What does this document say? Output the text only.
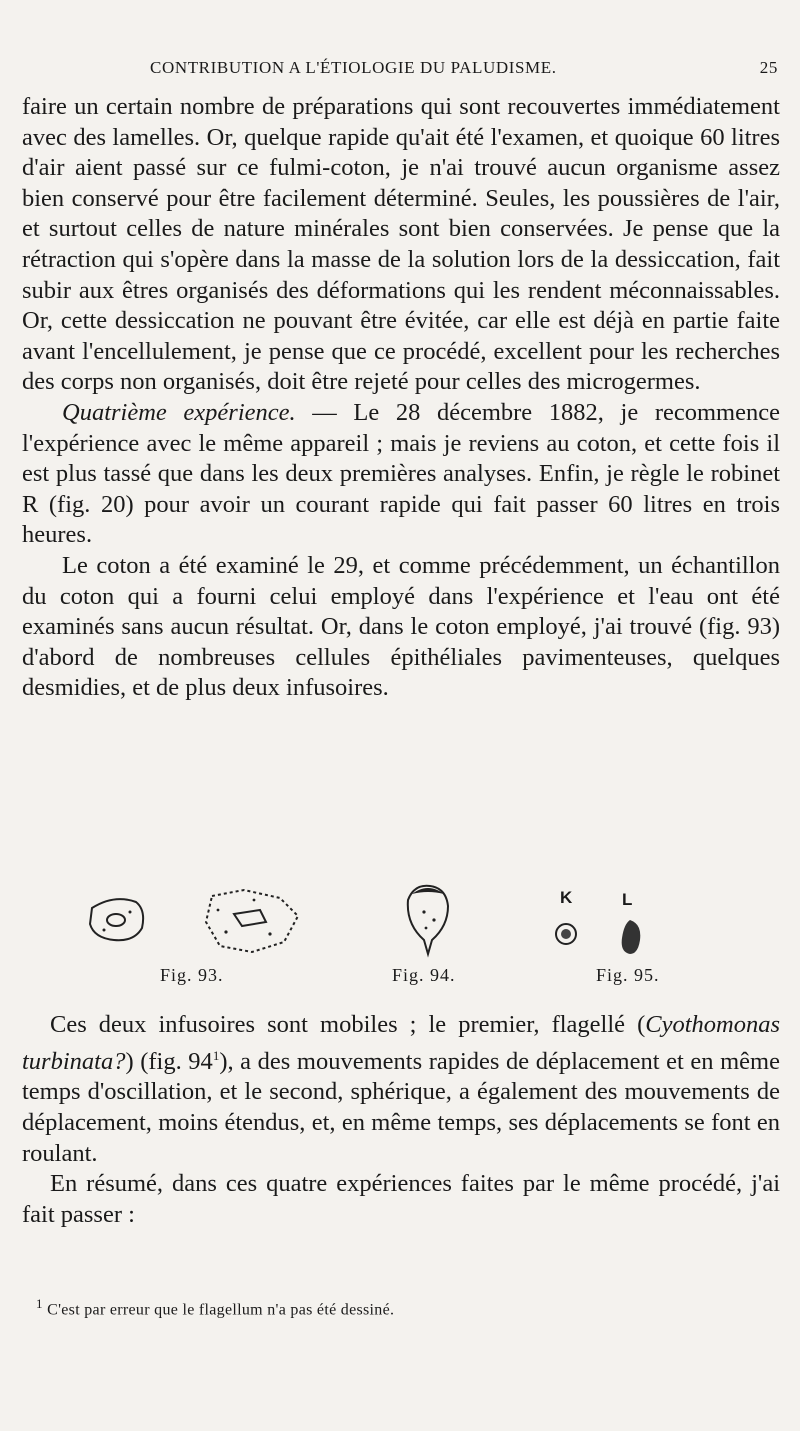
CONTRIBUTION A L'ÉTIOLOGIE DU PALUDISME.	25

faire un certain nombre de préparations qui sont recouvertes immédiatement avec des lamelles. Or, quelque rapide qu'ait été l'examen, et quoique 60 litres d'air aient passé sur ce fulmi-coton, je n'ai trouvé aucun organisme assez bien conservé pour être facilement déterminé. Seules, les poussières de l'air, et surtout celles de nature minérales sont bien conservées. Je pense que la rétraction qui s'opère dans la masse de la solution lors de la dessiccation, fait subir aux êtres organisés des déformations qui les rendent méconnaissables. Or, cette dessiccation ne pouvant être évitée, car elle est déjà en partie faite avant l'encellulement, je pense que ce procédé, excellent pour les recherches des corps non organisés, doit être rejeté pour celles des microgermes.

Quatrième expérience. — Le 28 décembre 1882, je recommence l'expérience avec le même appareil ; mais je reviens au coton, et cette fois il est plus tassé que dans les deux premières analyses. Enfin, je règle le robinet R (fig. 20) pour avoir un courant rapide qui fait passer 60 litres en trois heures.

Le coton a été examiné le 29, et comme précédemment, un échantillon du coton qui a fourni celui employé dans l'expérience et l'eau ont été examinés sans aucun résultat. Or, dans le coton employé, j'ai trouvé (fig. 93) d'abord de nombreuses cellules épithéliales pavimenteuses, quelques desmidies, et de plus deux infusoires.

K	L
Fig. 93.	Fig. 94.	Fig. 95.

Ces deux infusoires sont mobiles ; le premier, flagellé (Cyothomonas turbinata?) (fig. $94^1$), a des mouvements rapides de déplacement et en même temps d'oscillation, et le second, sphérique, a également des mouvements de déplacement, moins étendus, et, en même temps, ses déplacements se font en roulant.

En résumé, dans ces quatre expériences faites par le même procédé, j'ai fait passer :

$^1$ C'est par erreur que le flagellum n'a pas été dessiné.
